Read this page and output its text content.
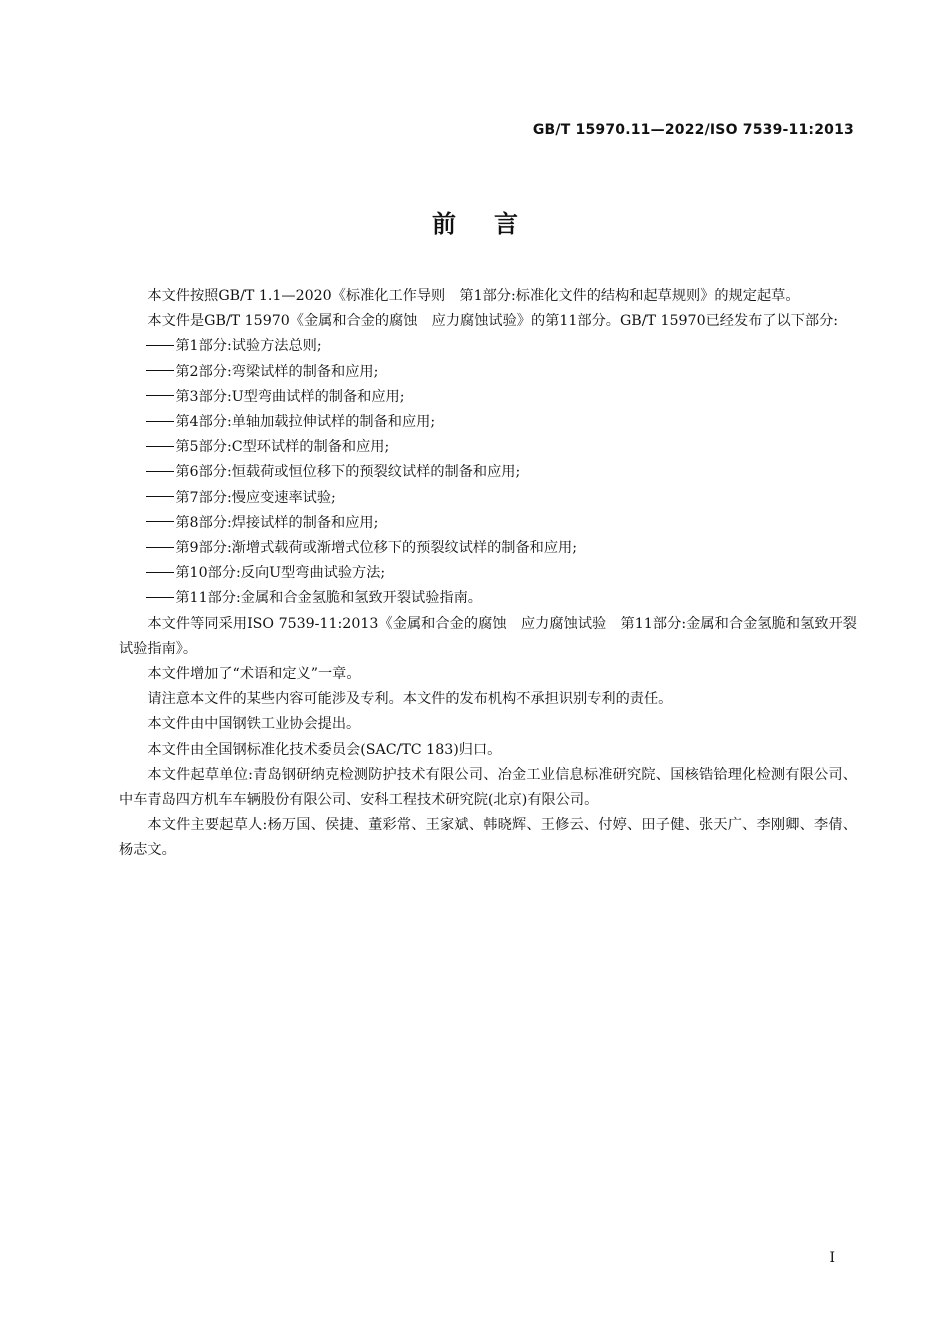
GB/T 15970.11—2022/ISO 7539-11:2013
前言

本文件按照GB/T 1.1—2020《标准化工作导则　第1部分:标准化文件的结构和起草规则》的规定起草。

本文件是GB/T 15970《金属和合金的腐蚀　应力腐蚀试验》的第11部分。GB/T 15970已经发布了以下部分:

第1部分:试验方法总则;

第2部分:弯梁试样的制备和应用;

第3部分:U型弯曲试样的制备和应用;

第4部分:单轴加载拉伸试样的制备和应用;

第5部分:C型环试样的制备和应用;

第6部分:恒载荷或恒位移下的预裂纹试样的制备和应用;

第7部分:慢应变速率试验;

第8部分:焊接试样的制备和应用;

第9部分:渐增式载荷或渐增式位移下的预裂纹试样的制备和应用;

第10部分:反向U型弯曲试验方法;

第11部分:金属和合金氢脆和氢致开裂试验指南。

本文件等同采用ISO 7539-11:2013《金属和合金的腐蚀　应力腐蚀试验　第11部分:金属和合金氢脆和氢致开裂试验指南》。

本文件增加了“术语和定义”一章。

请注意本文件的某些内容可能涉及专利。本文件的发布机构不承担识别专利的责任。

本文件由中国钢铁工业协会提出。

本文件由全国钢标准化技术委员会(SAC/TC 183)归口。

本文件起草单位:青岛钢研纳克检测防护技术有限公司、冶金工业信息标准研究院、国核锆铪理化检测有限公司、中车青岛四方机车车辆股份有限公司、安科工程技术研究院(北京)有限公司。

本文件主要起草人:杨万国、侯捷、董彩常、王家斌、韩晓辉、王修云、付婷、田子健、张天广、李刚卿、李倩、杨志文。

I
